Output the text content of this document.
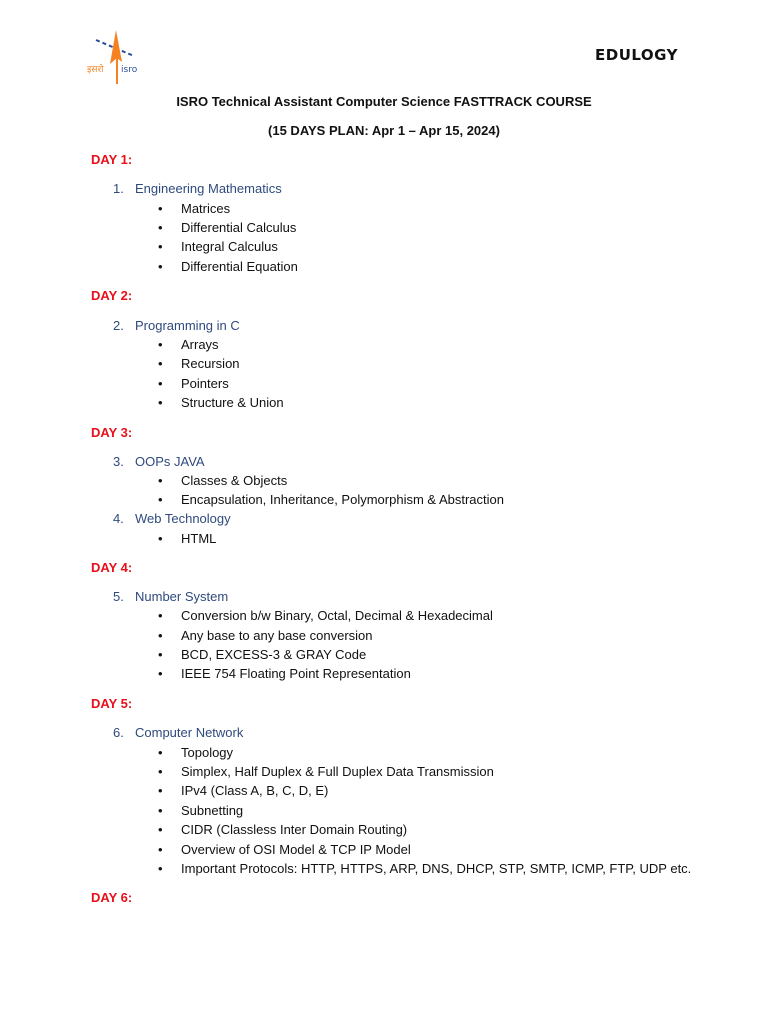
इसरो isro
EDULOGY
ISRO Technical Assistant Computer Science FASTTRACK COURSE
(15 DAYS PLAN: Apr 1 – Apr 15, 2024)
DAY 1:
1. Engineering Mathematics
• Matrices
• Differential Calculus
• Integral Calculus
• Differential Equation
DAY 2:
2. Programming in C
• Arrays
• Recursion
• Pointers
• Structure & Union
DAY 3:
3. OOPs JAVA
• Classes & Objects
• Encapsulation, Inheritance, Polymorphism & Abstraction
4. Web Technology
• HTML
DAY 4:
5. Number System
• Conversion b/w Binary, Octal, Decimal & Hexadecimal
• Any base to any base conversion
• BCD, EXCESS-3 & GRAY Code
• IEEE 754 Floating Point Representation
DAY 5:
6. Computer Network
• Topology
• Simplex, Half Duplex & Full Duplex Data Transmission
• IPv4 (Class A, B, C, D, E)
• Subnetting
• CIDR (Classless Inter Domain Routing)
• Overview of OSI Model & TCP IP Model
• Important Protocols: HTTP, HTTPS, ARP, DNS, DHCP, STP, SMTP, ICMP, FTP, UDP etc.
DAY 6:
